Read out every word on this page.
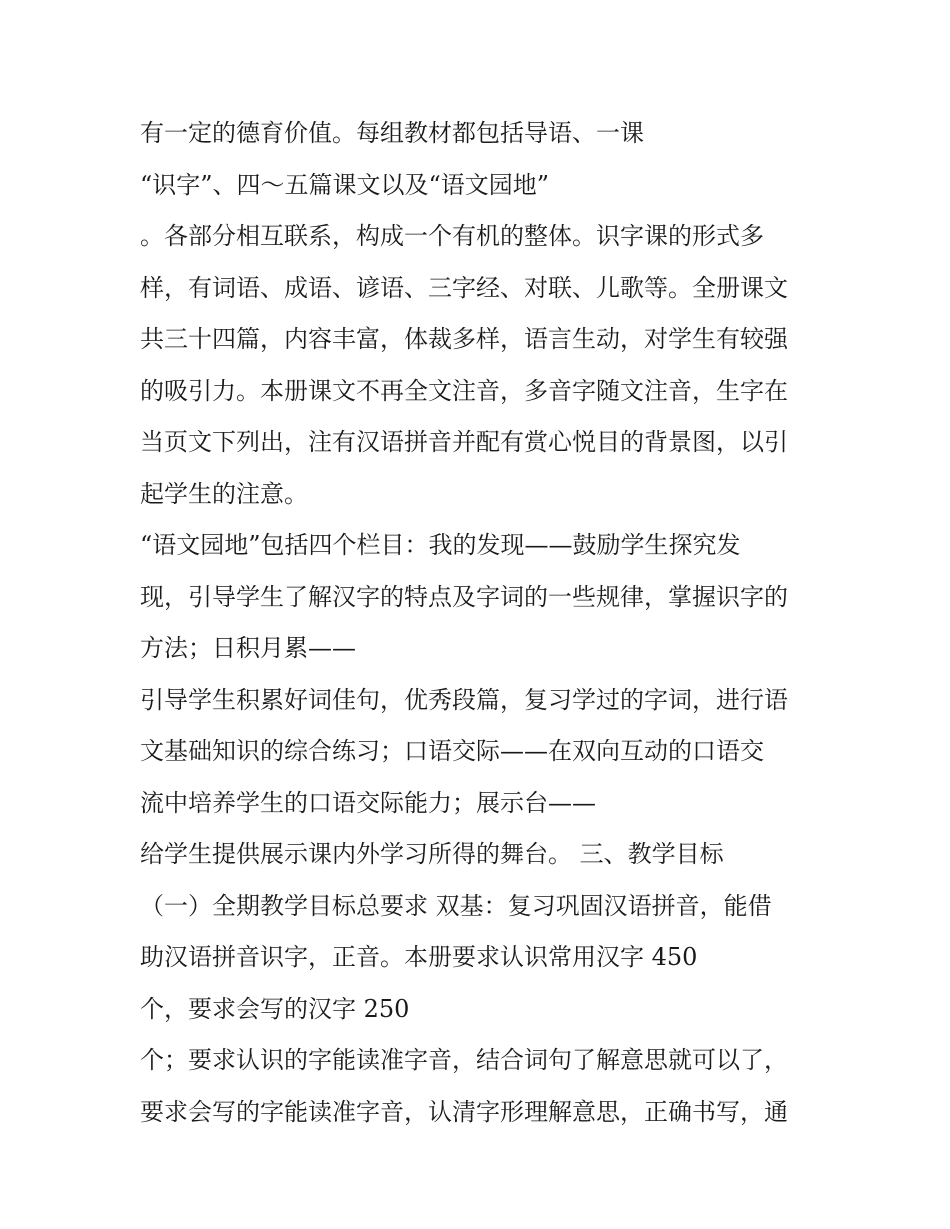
有一定的德育价值。每组教材都包括导语、一课
“识字”、四～五篇课文以及“语文园地”
。各部分相互联系，构成一个有机的整体。识字课的形式多
样，有词语、成语、谚语、三字经、对联、儿歌等。全册课文
共三十四篇，内容丰富，体裁多样，语言生动，对学生有较强
的吸引力。本册课文不再全文注音，多音字随文注音，生字在
当页文下列出，注有汉语拼音并配有赏心悦目的背景图，以引
起学生的注意。
“语文园地”包括四个栏目：我的发现——鼓励学生探究发
现，引导学生了解汉字的特点及字词的一些规律，掌握识字的
方法；日积月累——
引导学生积累好词佳句，优秀段篇，复习学过的字词，进行语
文基础知识的综合练习；口语交际——在双向互动的口语交
流中培养学生的口语交际能力；展示台——
给学生提供展示课内外学习所得的舞台。 三、教学目标
（一）全期教学目标总要求 双基：复习巩固汉语拼音，能借
助汉语拼音识字，正音。本册要求认识常用汉字 450
个，要求会写的汉字 250
个；要求认识的字能读准字音，结合词句了解意思就可以了，
要求会写的字能读准字音，认清字形理解意思，正确书写，通
